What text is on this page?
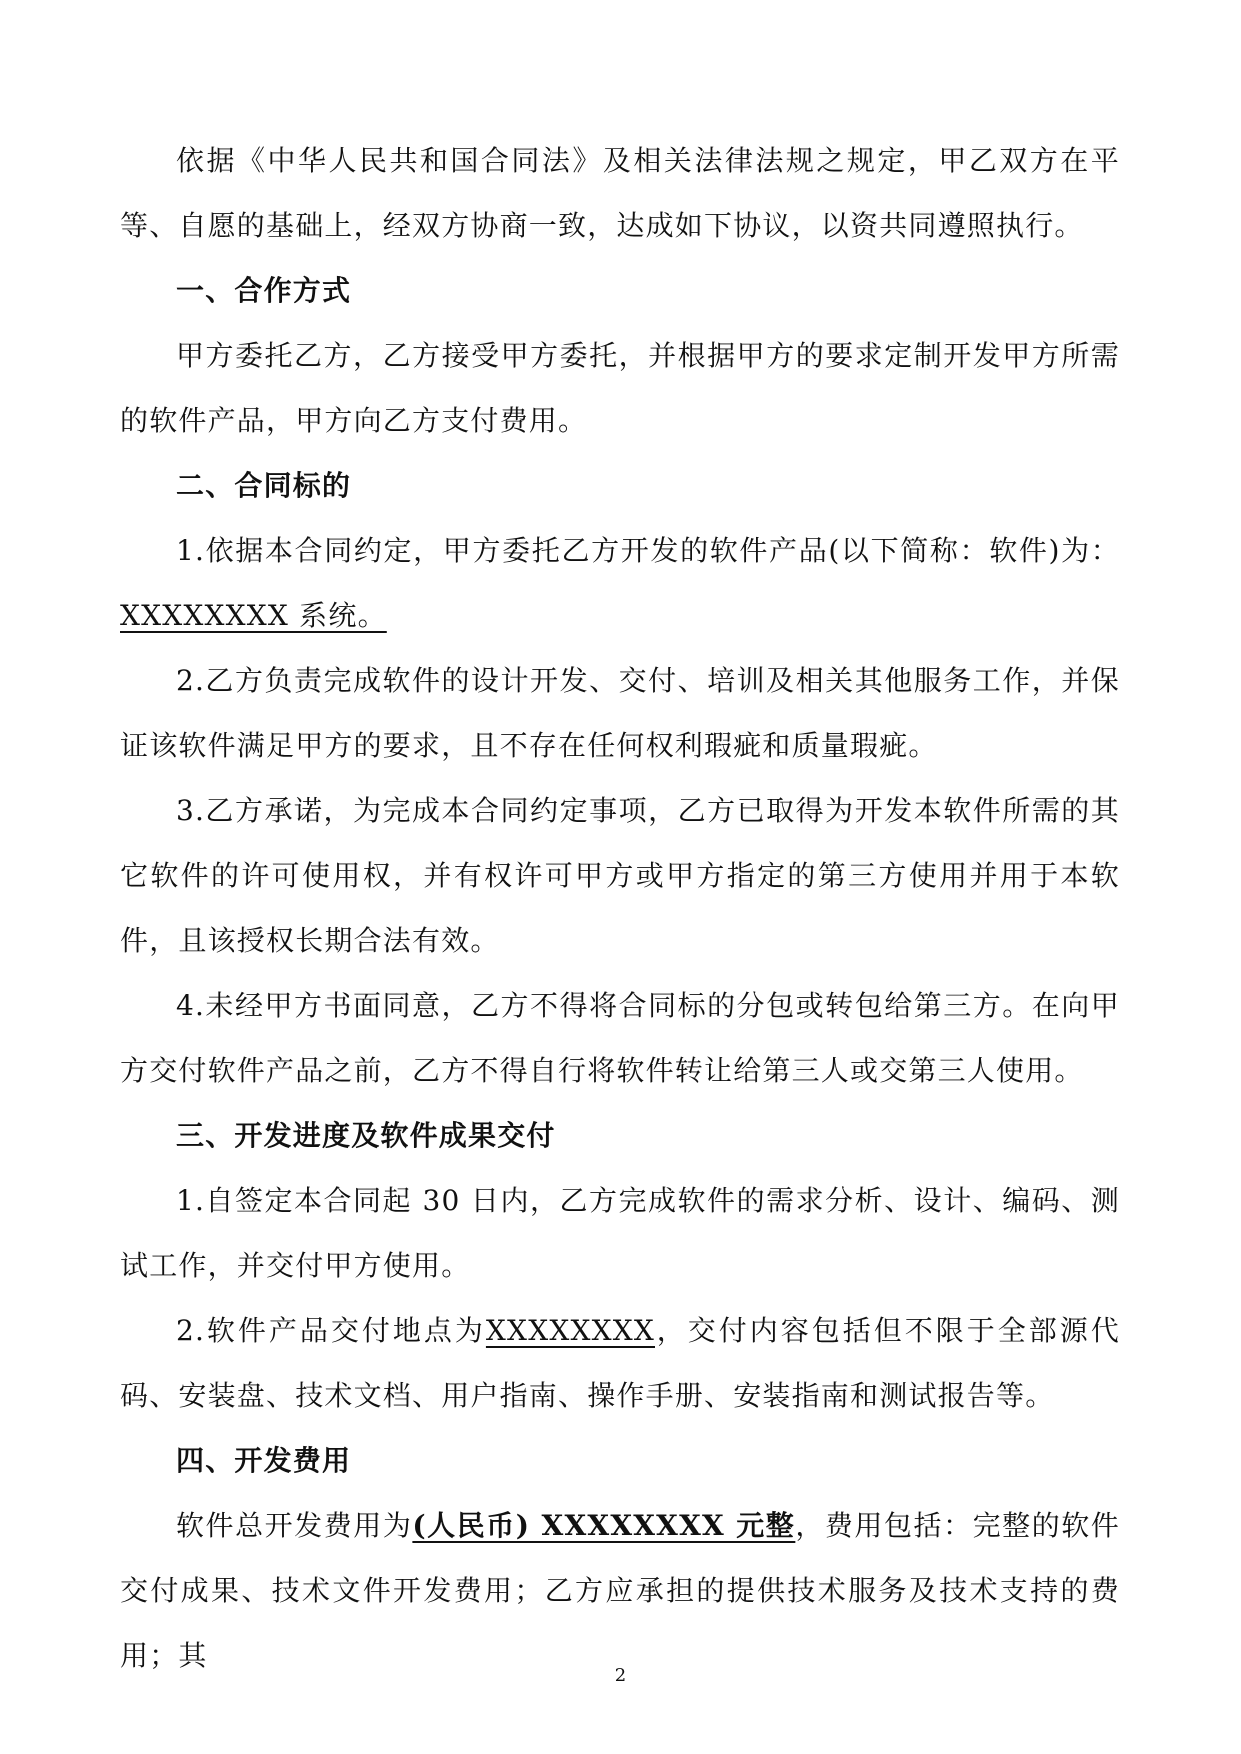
依据《中华人民共和国合同法》及相关法律法规之规定，甲乙双方在平等、自愿的基础上，经双方协商一致，达成如下协议，以资共同遵照执行。

一、合作方式

甲方委托乙方，乙方接受甲方委托，并根据甲方的要求定制开发甲方所需的软件产品，甲方向乙方支付费用。

二、合同标的

1.依据本合同约定，甲方委托乙方开发的软件产品(以下简称：软件)为：XXXXXXXX 系统。

2.乙方负责完成软件的设计开发、交付、培训及相关其他服务工作，并保证该软件满足甲方的要求，且不存在任何权利瑕疵和质量瑕疵。

3.乙方承诺，为完成本合同约定事项，乙方已取得为开发本软件所需的其它软件的许可使用权，并有权许可甲方或甲方指定的第三方使用并用于本软件，且该授权长期合法有效。

4.未经甲方书面同意，乙方不得将合同标的分包或转包给第三方。在向甲方交付软件产品之前，乙方不得自行将软件转让给第三人或交第三人使用。

三、开发进度及软件成果交付

1.自签定本合同起 30 日内，乙方完成软件的需求分析、设计、编码、测试工作，并交付甲方使用。

2.软件产品交付地点为XXXXXXXX，交付内容包括但不限于全部源代码、安装盘、技术文档、用户指南、操作手册、安装指南和测试报告等。

四、开发费用

软件总开发费用为(人民币) XXXXXXXX 元整，费用包括：完整的软件交付成果、技术文件开发费用；乙方应承担的提供技术服务及技术支持的费用；其

2
